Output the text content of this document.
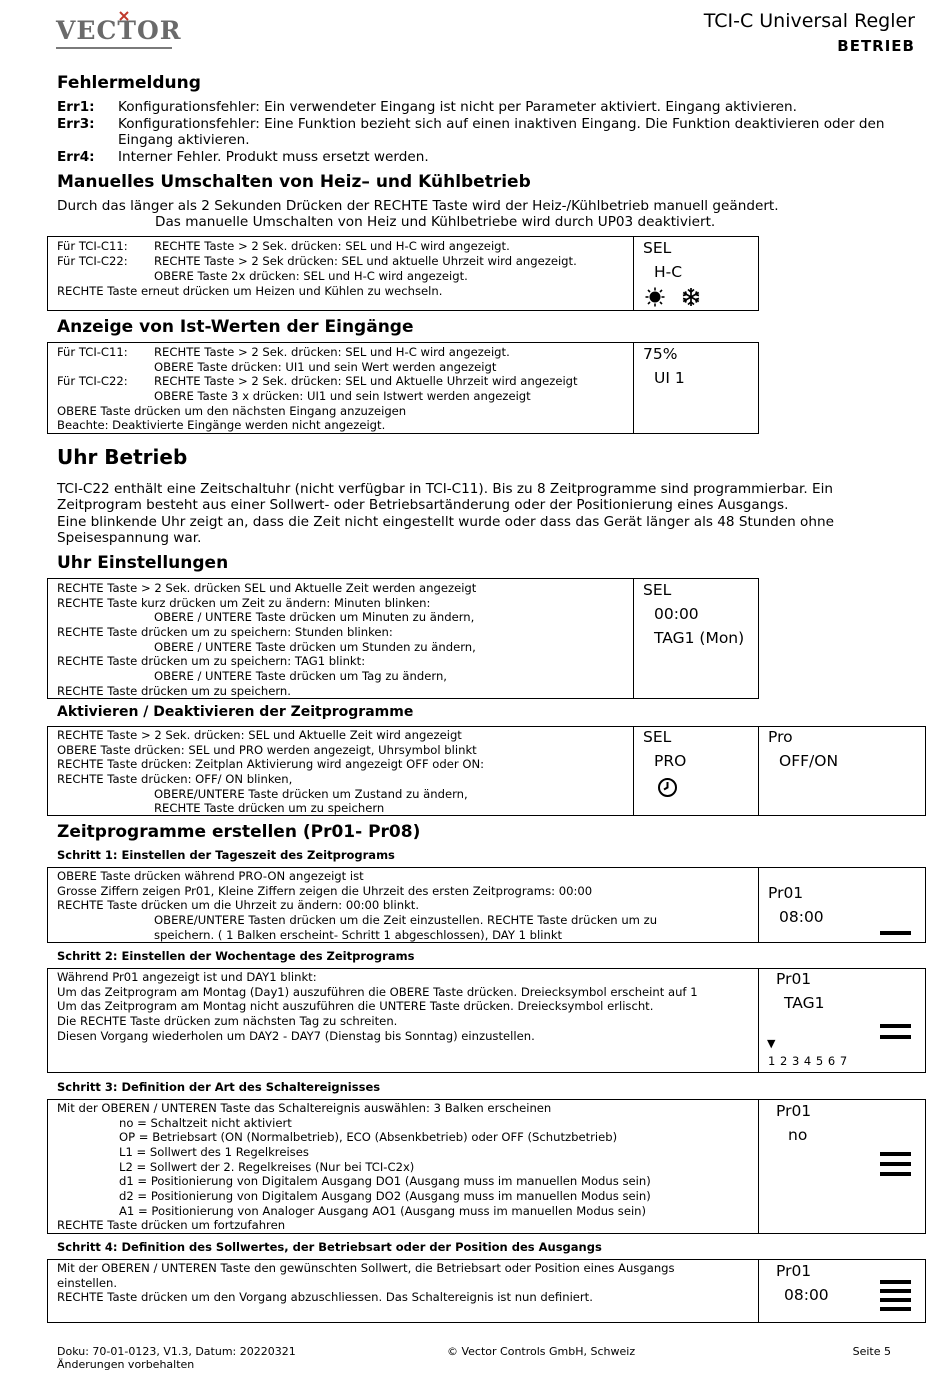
VECTOR	TCI-C Universal Regler
BETRIEB
Fehlermeldung
Err1: Konfigurationsfehler: Ein verwendeter Eingang ist nicht per Parameter aktiviert. Eingang aktivieren.
Err3: Konfigurationsfehler: Eine Funktion bezieht sich auf einen inaktiven Eingang. Die Funktion deaktivieren oder den
Eingang aktivieren.
Err4: Interner Fehler. Produkt muss ersetzt werden.
Manuelles Umschalten von Heiz– und Kühlbetrieb
Durch das länger als 2 Sekunden Drücken der RECHTE Taste wird der Heiz-/Kühlbetrieb manuell geändert.
Das manuelle Umschalten von Heiz und Kühlbetriebe wird durch UP03 deaktiviert.
Für TCI-C11: RECHTE Taste > 2 Sek. drücken: SEL und H-C wird angezeigt.
Für TCI-C22: RECHTE Taste > 2 Sek drücken: SEL und aktuelle Uhrzeit wird angezeigt.
OBERE Taste 2x drücken: SEL und H-C wird angezeigt.
RECHTE Taste erneut drücken um Heizen und Kühlen zu wechseln.
SEL
H-C
Anzeige von Ist-Werten der Eingänge
Für TCI-C11: RECHTE Taste > 2 Sek. drücken: SEL und H-C wird angezeigt.
OBERE Taste drücken: UI1 und sein Wert werden angezeigt
Für TCI-C22: RECHTE Taste > 2 Sek. drücken: SEL und Aktuelle Uhrzeit wird angezeigt
OBERE Taste 3 x drücken: UI1 und sein Istwert werden angezeigt
OBERE Taste drücken um den nächsten Eingang anzuzeigen
Beachte: Deaktivierte Eingänge werden nicht angezeigt.
75%
UI 1
Uhr Betrieb
TCI-C22 enthält eine Zeitschaltuhr (nicht verfügbar in TCI-C11). Bis zu 8 Zeitprogramme sind programmierbar. Ein
Zeitprogram besteht aus einer Sollwert- oder Betriebsartänderung oder der Positionierung eines Ausgangs.
Eine blinkende Uhr zeigt an, dass die Zeit nicht eingestellt wurde oder dass das Gerät länger als 48 Stunden ohne
Speisespannung war.
Uhr Einstellungen
RECHTE Taste > 2 Sek. drücken SEL und Aktuelle Zeit werden angezeigt
RECHTE Taste kurz drücken um Zeit zu ändern: Minuten blinken:
OBERE / UNTERE Taste drücken um Minuten zu ändern,
RECHTE Taste drücken um zu speichern: Stunden blinken:
OBERE / UNTERE Taste drücken um Stunden zu ändern,
RECHTE Taste drücken um zu speichern: TAG1 blinkt:
OBERE / UNTERE Taste drücken um Tag zu ändern,
RECHTE Taste drücken um zu speichern.
SEL
00:00
TAG1 (Mon)
Aktivieren / Deaktivieren der Zeitprogramme
RECHTE Taste > 2 Sek. drücken: SEL und Aktuelle Zeit wird angezeigt
OBERE Taste drücken: SEL und PRO werden angezeigt, Uhrsymbol blinkt
RECHTE Taste drücken: Zeitplan Aktivierung wird angezeigt OFF oder ON:
RECHTE Taste drücken: OFF/ ON blinken,
OBERE/UNTERE Taste drücken um Zustand zu ändern,
RECHTE Taste drücken um zu speichern
SEL
PRO
Pro
OFF/ON
Zeitprogramme erstellen (Pr01- Pr08)
Schritt 1: Einstellen der Tageszeit des Zeitprograms
OBERE Taste drücken während PRO-ON angezeigt ist
Grosse Ziffern zeigen Pr01, Kleine Ziffern zeigen die Uhrzeit des ersten Zeitprograms: 00:00
RECHTE Taste drücken um die Uhrzeit zu ändern: 00:00 blinkt.
OBERE/UNTERE Tasten drücken um die Zeit einzustellen. RECHTE Taste drücken um zu
speichern. ( 1 Balken erscheint- Schritt 1 abgeschlossen), DAY 1 blinkt
Pr01
08:00
Schritt 2: Einstellen der Wochentage des Zeitprograms
Während Pr01 angezeigt ist und DAY1 blinkt:
Um das Zeitprogram am Montag (Day1) auszuführen die OBERE Taste drücken. Dreiecksymbol erscheint auf 1
Um das Zeitprogram am Montag nicht auszuführen die UNTERE Taste drücken. Dreiecksymbol erlischt.
Die RECHTE Taste drücken zum nächsten Tag zu schreiten.
Diesen Vorgang wiederholen um DAY2 - DAY7 (Dienstag bis Sonntag) einzustellen.
Pr01
TAG1
▼
1 2 3 4 5 6 7
Schritt 3: Definition der Art des Schaltereignisses
Mit der OBEREN / UNTEREN Taste das Schaltereignis auswählen: 3 Balken erscheinen
no = Schaltzeit nicht aktiviert
OP = Betriebsart (ON (Normalbetrieb), ECO (Absenkbetrieb) oder OFF (Schutzbetrieb)
L1 = Sollwert des 1 Regelkreises
L2 = Sollwert der 2. Regelkreises (Nur bei TCI-C2x)
d1 = Positionierung von Digitalem Ausgang DO1 (Ausgang muss im manuellen Modus sein)
d2 = Positionierung von Digitalem Ausgang DO2 (Ausgang muss im manuellen Modus sein)
A1 = Positionierung von Analoger Ausgang AO1 (Ausgang muss im manuellen Modus sein)
RECHTE Taste drücken um fortzufahren
Pr01
no
Schritt 4: Definition des Sollwertes, der Betriebsart oder der Position des Ausgangs
Mit der OBEREN / UNTEREN Taste den gewünschten Sollwert, die Betriebsart oder Position eines Ausgangs
einstellen.
RECHTE Taste drücken um den Vorgang abzuschliessen. Das Schaltereignis ist nun definiert.
Pr01
08:00
Doku: 70-01-0123, V1.3, Datum: 20220321
Änderungen vorbehalten
© Vector Controls GmbH, Schweiz	Seite 5
